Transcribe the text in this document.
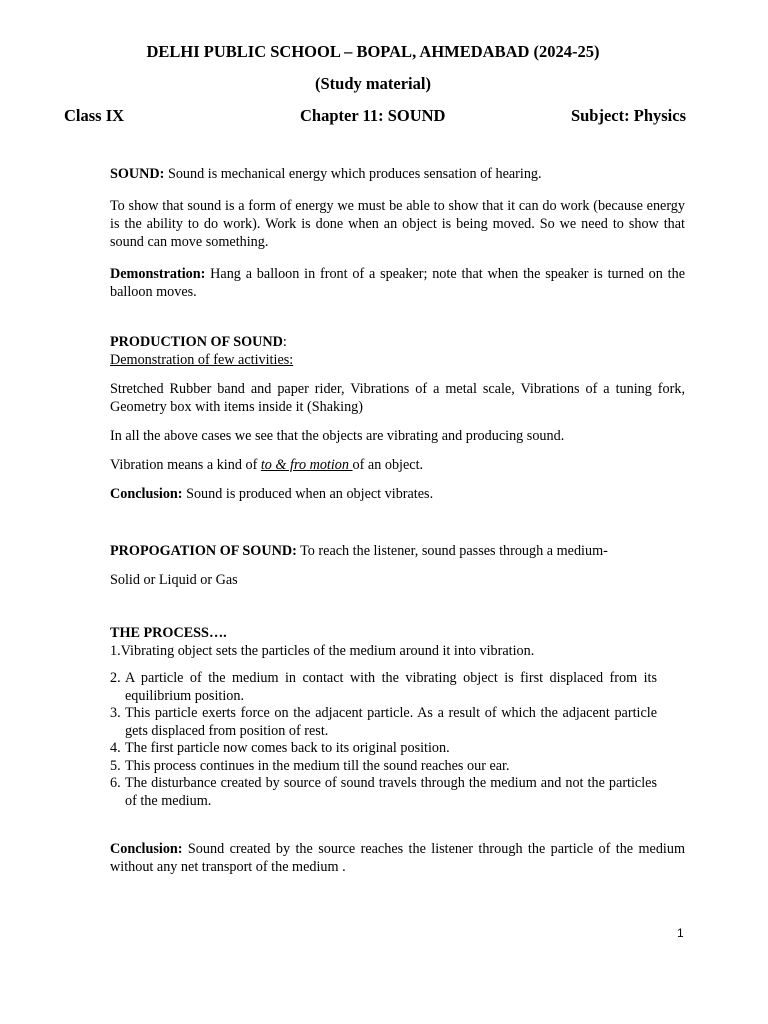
DELHI PUBLIC SCHOOL – BOPAL, AHMEDABAD (2024-25)
(Study material)
Class IX	Chapter 11: SOUND	Subject: Physics

SOUND: Sound is mechanical energy which produces sensation of hearing.

To show that sound is a form of energy we must be able to show that it can do work (because energy is the ability to do work). Work is done when an object is being moved. So we need to show that sound can move something.

Demonstration: Hang a balloon in front of a speaker; note that when the speaker is turned on the balloon moves.

PRODUCTION OF SOUND:

Demonstration of few activities:

Stretched Rubber band and paper rider, Vibrations of a metal scale, Vibrations of a tuning fork, Geometry box with items inside it (Shaking)

In all the above cases we see that the objects are vibrating and producing sound.

Vibration means a kind of to & fro motion of an object.

Conclusion: Sound is produced when an object vibrates.

PROPOGATION OF SOUND: To reach the listener, sound passes through a medium-

Solid or Liquid or Gas

THE PROCESS….

1.Vibrating object sets the particles of the medium around it into vibration.

2. A particle of the medium in contact with the vibrating object is first displaced from its equilibrium position.
3. This particle exerts force on the adjacent particle. As a result of which the adjacent particle gets displaced from position of rest.
4. The first particle now comes back to its original position.
5. This process continues in the medium till the sound reaches our ear.
6. The disturbance created by source of sound travels through the medium and not the particles of the medium.

Conclusion: Sound created by the source reaches the listener through the particle of the medium without any net transport of the medium .

1
